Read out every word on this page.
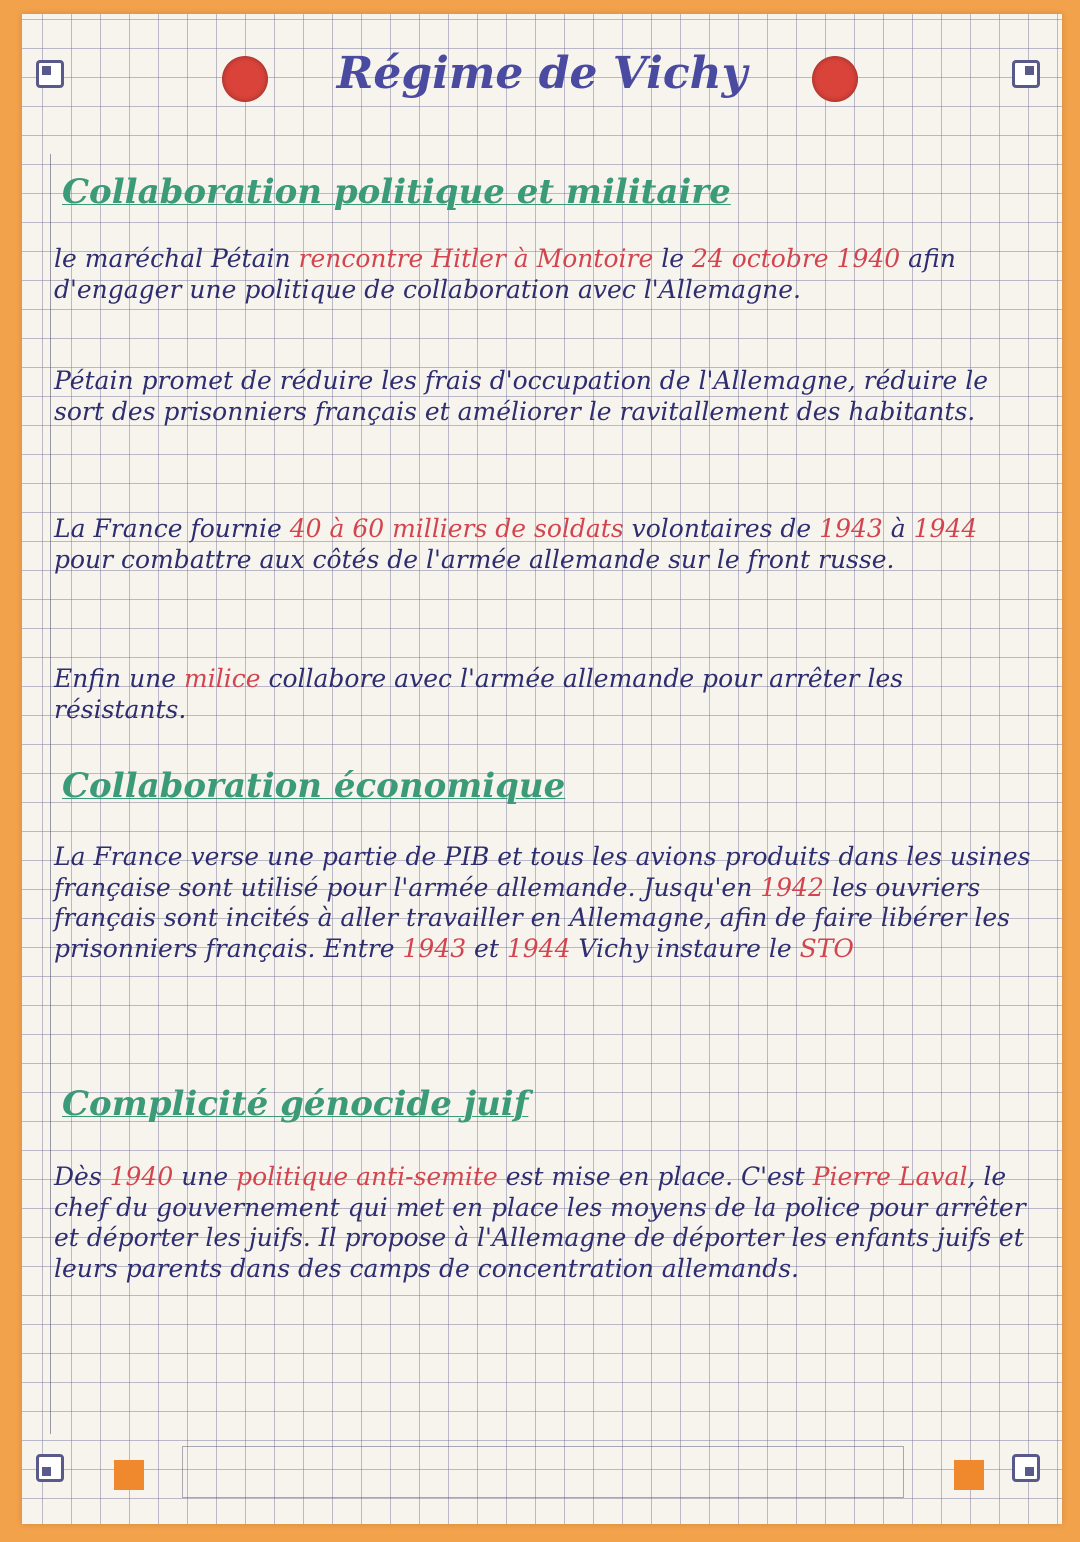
Régime de Vichy
Collaboration politique et militaire

le maréchal Pétain rencontre Hitler à Montoire le 24 octobre 1940 afin d'engager une politique de collaboration avec l'Allemagne.

Pétain promet de réduire les frais d'occupation de l'Allemagne, réduire le sort des prisonniers français et améliorer le ravitallement des habitants.

La France fournie 40 à 60 milliers de soldats volontaires de 1943 à 1944 pour combattre aux côtés de l'armée allemande sur le front russe.

Enfin une milice collabore avec l'armée allemande pour arrêter les résistants.

Collaboration économique

La France verse une partie de PIB et tous les avions produits dans les usines française sont utilisé pour l'armée allemande. Jusqu'en 1942 les ouvriers français sont incités à aller travailler en Allemagne, afin de faire libérer les prisonniers français. Entre 1943 et 1944 Vichy instaure le STO

Complicité génocide juif

Dès 1940 une politique anti-semite est mise en place. C'est Pierre Laval, le chef du gouvernement qui met en place les moyens de la police pour arrêter et déporter les juifs. Il propose à l'Allemagne de déporter les enfants juifs et leurs parents dans des camps de concentration allemands.
